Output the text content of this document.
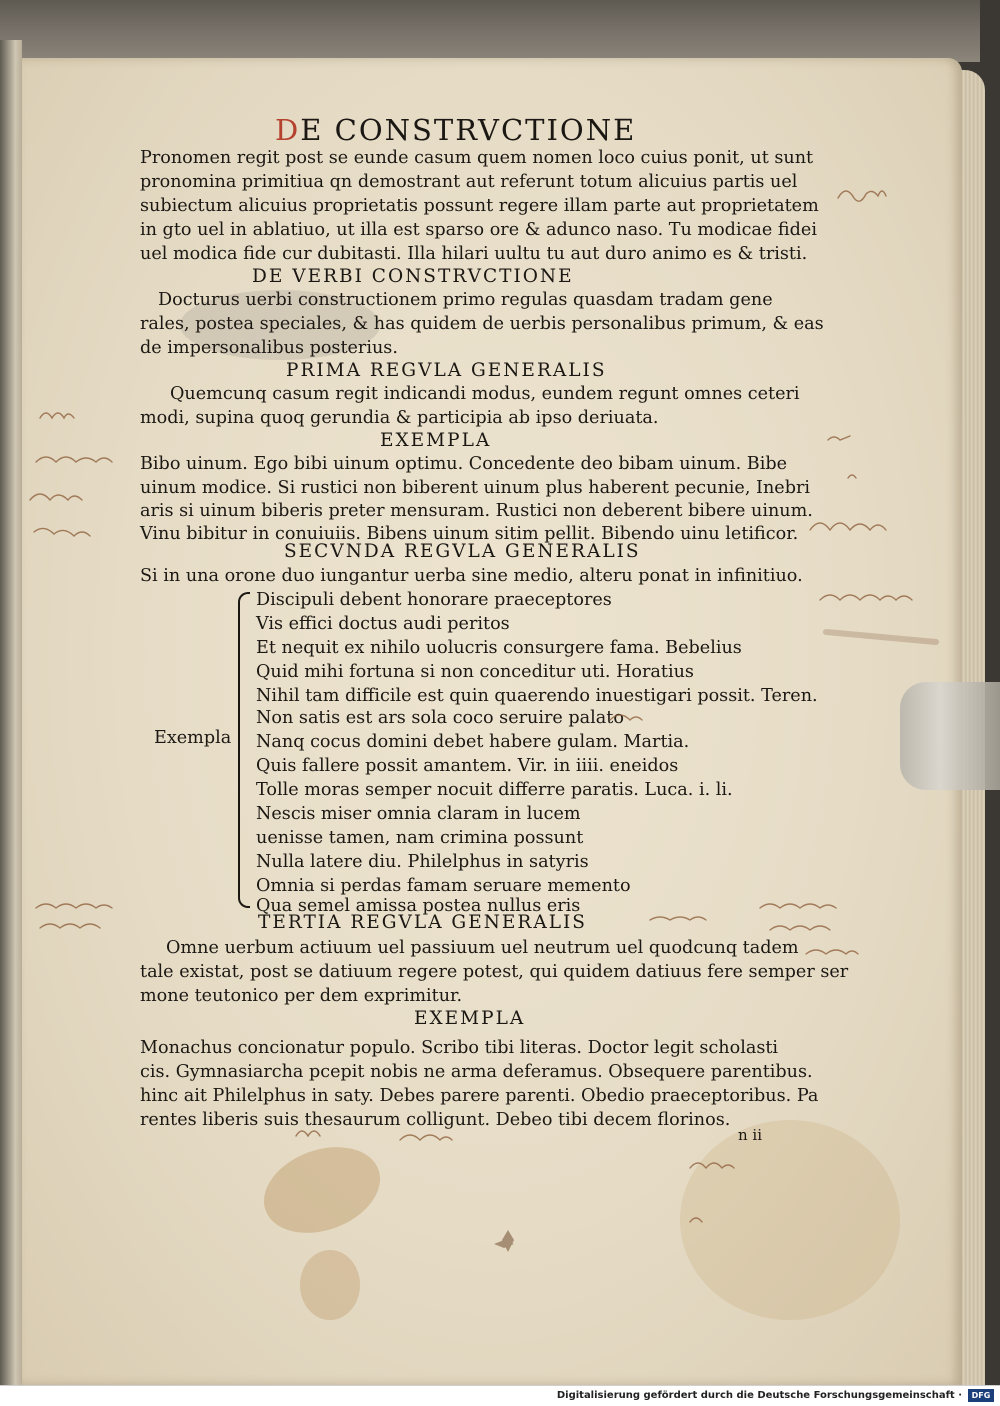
DE CONSTRVCTIONE
Pronomen regit post se eunde casum quem nomen loco cuius ponit, ut sunt
pronomina primitiua qn demostrant aut referunt totum alicuius partis uel
subiectum alicuius proprietatis possunt regere illam parte aut proprietatem
in gto uel in ablatiuo, ut illa est sparso ore & adunco naso. Tu modicae fidei
uel modica fide cur dubitasti. Illa hilari uultu tu aut duro animo es & tristi.
DE VERBI CONSTRVCTIONE
Docturus uerbi constructionem primo regulas quasdam tradam gene
rales, postea speciales, & has quidem de uerbis personalibus primum, & eas
de impersonalibus posterius.
PRIMA REGVLA GENERALIS
Quemcunq casum regit indicandi modus, eundem regunt omnes ceteri
modi, supina quoq gerundia & participia ab ipso deriuata.
EXEMPLA
Bibo uinum. Ego bibi uinum optimu. Concedente deo bibam uinum. Bibe
uinum modice. Si rustici non biberent uinum plus haberent pecunie, Inebri
aris si uinum biberis preter mensuram. Rustici non deberent bibere uinum.
Vinu bibitur in conuiuiis. Bibens uinum sitim pellit. Bibendo uinu letificor.
SECVNDA REGVLA GENERALIS
Si in una orone duo iungantur uerba sine medio, alteru ponat in infinitiuo.
Discipuli debent honorare praeceptores
Vis effici doctus audi peritos
Et nequit ex nihilo uolucris consurgere fama. Bebelius
Quid mihi fortuna si non conceditur uti. Horatius
Nihil tam difficile est quin quaerendo inuestigari possit. Teren.
Non satis est ars sola coco seruire palato
Exempla Nanq cocus domini debet habere gulam. Martia.
Quis fallere possit amantem. Vir. in iiii. eneidos
Tolle moras semper nocuit differre paratis. Luca. i. li.
Nescis miser omnia claram in lucem
uenisse tamen, nam crimina possunt
Nulla latere diu. Philelphus in satyris
Omnia si perdas famam seruare memento
Qua semel amissa postea nullus eris
TERTIA REGVLA GENERALIS
Omne uerbum actiuum uel passiuum uel neutrum uel quodcunq tadem
tale existat, post se datiuum regere potest, qui quidem datiuus fere semper ser
mone teutonico per dem exprimitur.
EXEMPLA
Monachus concionatur populo. Scribo tibi literas. Doctor legit scholasti
cis. Gymnasiarcha pcepit nobis ne arma deferamus. Obsequere parentibus.
hinc ait Philelphus in saty. Debes parere parenti. Obedio praeceptoribus. Pa
rentes liberis suis thesaurum colligunt. Debeo tibi decem florinos.
n ii
Digitalisierung gefördert durch die Deutsche Forschungsgemeinschaft ·	DFG
